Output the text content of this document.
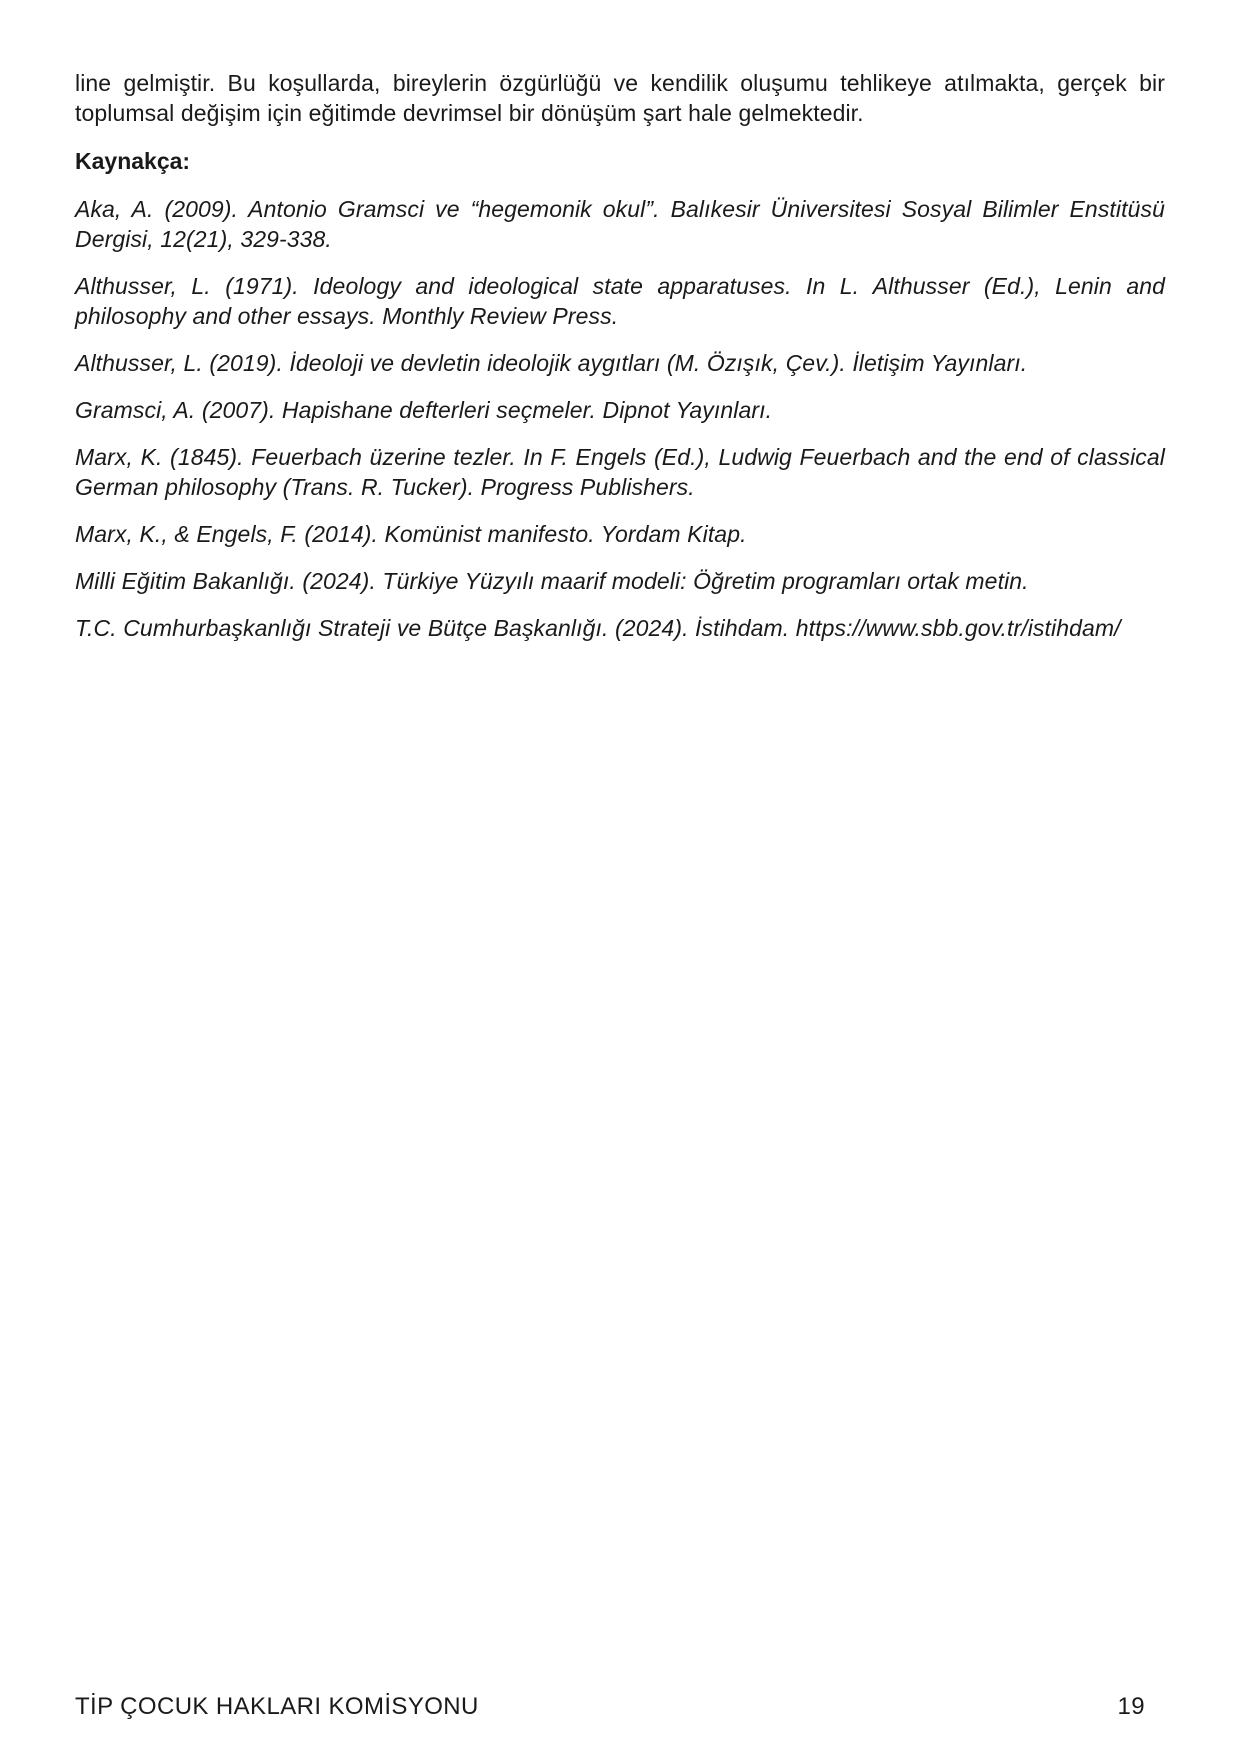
line gelmiştir. Bu koşullarda, bireylerin özgürlüğü ve kendilik oluşumu tehlikeye atılmakta, gerçek bir toplumsal değişim için eğitimde devrimsel bir dönüşüm şart hale gelmektedir.

Kaynakça:
Aka, A. (2009). Antonio Gramsci ve “hegemonik okul”. Balıkesir Üniversitesi Sosyal Bilimler Enstitüsü Dergisi, 12(21), 329-338.
Althusser, L. (1971). Ideology and ideological state apparatuses. In L. Althusser (Ed.), Lenin and philosophy and other essays. Monthly Review Press.
Althusser, L. (2019). İdeoloji ve devletin ideolojik aygıtları (M. Özışık, Çev.). İletişim Yayınları.
Gramsci, A. (2007). Hapishane defterleri seçmeler. Dipnot Yayınları.
Marx, K. (1845). Feuerbach üzerine tezler. In F. Engels (Ed.), Ludwig Feuerbach and the end of classical German philosophy (Trans. R. Tucker). Progress Publishers.
Marx, K., & Engels, F. (2014). Komünist manifesto. Yordam Kitap.
Milli Eğitim Bakanlığı. (2024). Türkiye Yüzyılı maarif modeli: Öğretim programları ortak metin.
T.C. Cumhurbaşkanlığı Strateji ve Bütçe Başkanlığı. (2024). İstihdam. https://www.sbb.​gov.tr/istihdam/
TİP ÇOCUK HAKLARI KOMİSYONU	19
